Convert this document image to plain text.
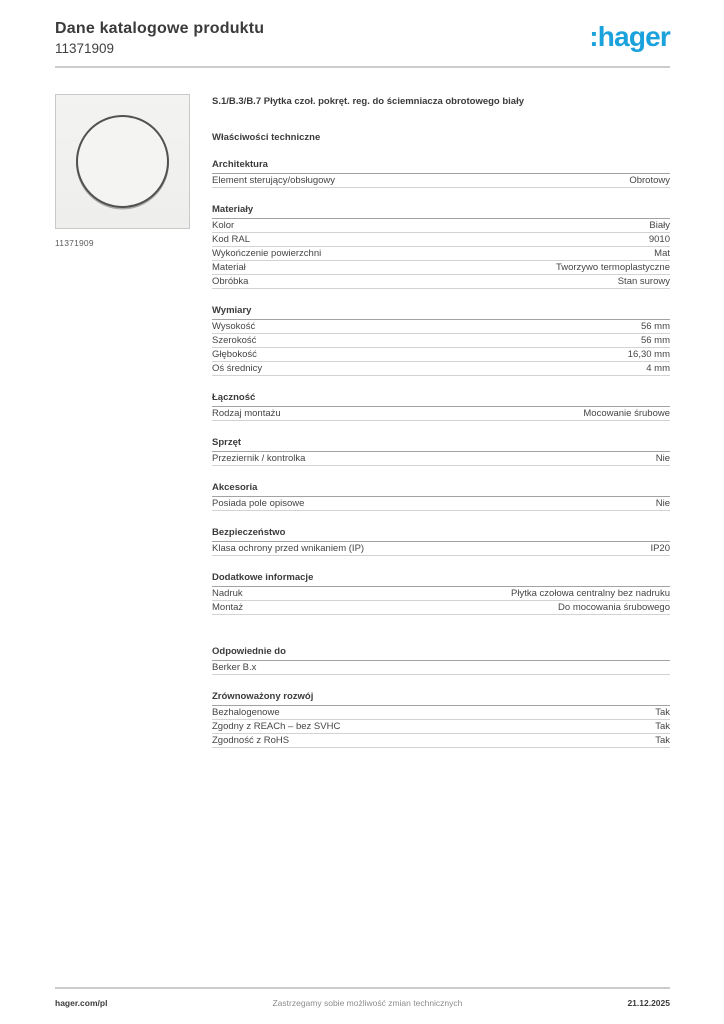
Dane katalogowe produktu
11371909	:hager
11371909
S.1/B.3/B.7 Płytka czoł. pokręt. reg. do ściemniacza obrotowego biały
Właściwości techniczne
Architektura
Element sterujący/obsługowy	Obrotowy
Materiały
Kolor	Biały
Kod RAL	9010
Wykończenie powierzchni	Mat
Materiał	Tworzywo termoplastyczne
Obróbka	Stan surowy
Wymiary
Wysokość	56 mm
Szerokość	56 mm
Głębokość	16,30 mm
Oś średnicy	4 mm
Łączność
Rodzaj montażu	Mocowanie śrubowe
Sprzęt
Przeziernik / kontrolka	Nie
Akcesoria
Posiada pole opisowe	Nie
Bezpieczeństwo
Klasa ochrony przed wnikaniem (IP)	IP20
Dodatkowe informacje
Nadruk	Płytka czołowa centralny bez nadruku
Montaż	Do mocowania śrubowego
Odpowiednie do
Berker B.x
Zrównoważony rozwój
Bezhalogenowe	Tak
Zgodny z REACh – bez SVHC	Tak
Zgodność z RoHS	Tak
hager.com/pl	Zastrzegamy sobie możliwość zmian technicznych	21.12.2025
